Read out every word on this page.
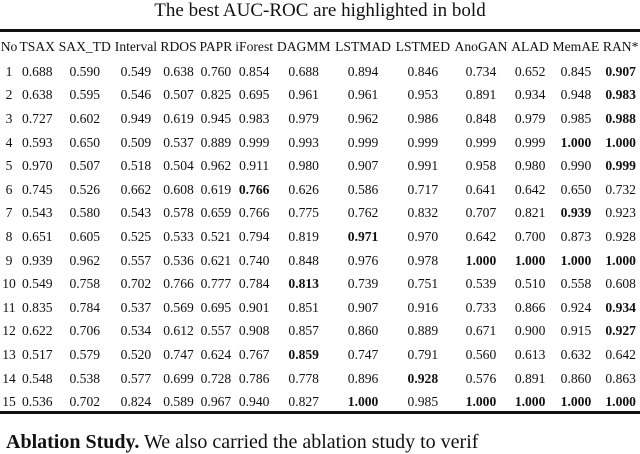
The best AUC-ROC are highlighted in bold
No	TSAX	SAX_TD	Interval	RDOS	PAPR	iForest	DAGMM	LSTMAD	LSTMED	AnoGAN	ALAD	MemAE	RAN*
1	0.688	0.590	0.549	0.638	0.760	0.854	0.688	0.894	0.846	0.734	0.652	0.845	0.907
2	0.638	0.595	0.546	0.507	0.825	0.695	0.961	0.961	0.953	0.891	0.934	0.948	0.983
3	0.727	0.602	0.949	0.619	0.945	0.983	0.979	0.962	0.986	0.848	0.979	0.985	0.988
4	0.593	0.650	0.509	0.537	0.889	0.999	0.993	0.999	0.999	0.999	0.999	1.000	1.000
5	0.970	0.507	0.518	0.504	0.962	0.911	0.980	0.907	0.991	0.958	0.980	0.990	0.999
6	0.745	0.526	0.662	0.608	0.619	0.766	0.626	0.586	0.717	0.641	0.642	0.650	0.732
7	0.543	0.580	0.543	0.578	0.659	0.766	0.775	0.762	0.832	0.707	0.821	0.939	0.923
8	0.651	0.605	0.525	0.533	0.521	0.794	0.819	0.971	0.970	0.642	0.700	0.873	0.928
9	0.939	0.962	0.557	0.536	0.621	0.740	0.848	0.976	0.978	1.000	1.000	1.000	1.000
10	0.549	0.758	0.702	0.766	0.777	0.784	0.813	0.739	0.751	0.539	0.510	0.558	0.608
11	0.835	0.784	0.537	0.569	0.695	0.901	0.851	0.907	0.916	0.733	0.866	0.924	0.934
12	0.622	0.706	0.534	0.612	0.557	0.908	0.857	0.860	0.889	0.671	0.900	0.915	0.927
13	0.517	0.579	0.520	0.747	0.624	0.767	0.859	0.747	0.791	0.560	0.613	0.632	0.642
14	0.548	0.538	0.577	0.699	0.728	0.786	0.778	0.896	0.928	0.576	0.891	0.860	0.863
15	0.536	0.702	0.824	0.589	0.967	0.940	0.827	1.000	0.985	1.000	1.000	1.000	1.000
Ablation Study. We also carried the ablation study to verif
